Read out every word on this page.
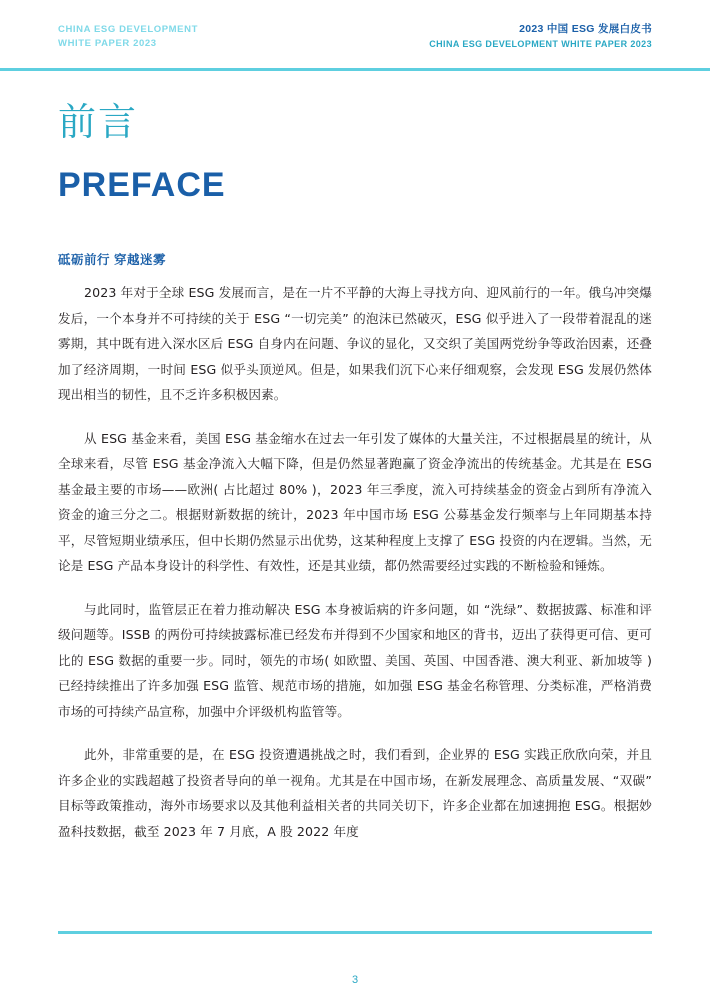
CHINA ESG DEVELOPMENT
WHITE PAPER 2023
2023 中国 ESG 发展白皮书
CHINA ESG DEVELOPMENT WHITE PAPER 2023
前言
PREFACE
砥砺前行 穿越迷雾

2023 年对于全球 ESG 发展而言，是在一片不平静的大海上寻找方向、迎风前行的一年。俄乌冲突爆发后，一个本身并不可持续的关于 ESG “一切完美” 的泡沫已然破灭，ESG 似乎进入了一段带着混乱的迷雾期，其中既有进入深水区后 ESG 自身内在问题、争议的显化，又交织了美国两党纷争等政治因素，还叠加了经济周期，一时间 ESG 似乎头顶逆风。但是，如果我们沉下心来仔细观察，会发现 ESG 发展仍然体现出相当的韧性，且不乏许多积极因素。

从 ESG 基金来看，美国 ESG 基金缩水在过去一年引发了媒体的大量关注，不过根据晨星的统计，从全球来看，尽管 ESG 基金净流入大幅下降，但是仍然显著跑赢了资金净流出的传统基金。尤其是在 ESG 基金最主要的市场——欧洲( 占比超过 80% )，2023 年三季度，流入可持续基金的资金占到所有净流入资金的逾三分之二。根据财新数据的统计，2023 年中国市场 ESG 公募基金发行频率与上年同期基本持平，尽管短期业绩承压，但中长期仍然显示出优势，这某种程度上支撑了 ESG 投资的内在逻辑。当然，无论是 ESG 产品本身设计的科学性、有效性，还是其业绩，都仍然需要经过实践的不断检验和锤炼。

与此同时，监管层正在着力推动解决 ESG 本身被诟病的许多问题，如 “洗绿”、数据披露、标准和评级问题等。ISSB 的两份可持续披露标准已经发布并得到不少国家和地区的背书，迈出了获得更可信、更可比的 ESG 数据的重要一步。同时，领先的市场( 如欧盟、美国、英国、中国香港、澳大利亚、新加坡等 )已经持续推出了许多加强 ESG 监管、规范市场的措施，如加强 ESG 基金名称管理、分类标准，严格消费市场的可持续产品宣称，加强中介评级机构监管等。

此外，非常重要的是，在 ESG 投资遭遇挑战之时，我们看到，企业界的 ESG 实践正欣欣向荣，并且许多企业的实践超越了投资者导向的单一视角。尤其是在中国市场，在新发展理念、高质量发展、“双碳” 目标等政策推动，海外市场要求以及其他利益相关者的共同关切下，许多企业都在加速拥抱 ESG。根据妙盈科技数据，截至 2023 年 7 月底，A 股 2022 年度

3
